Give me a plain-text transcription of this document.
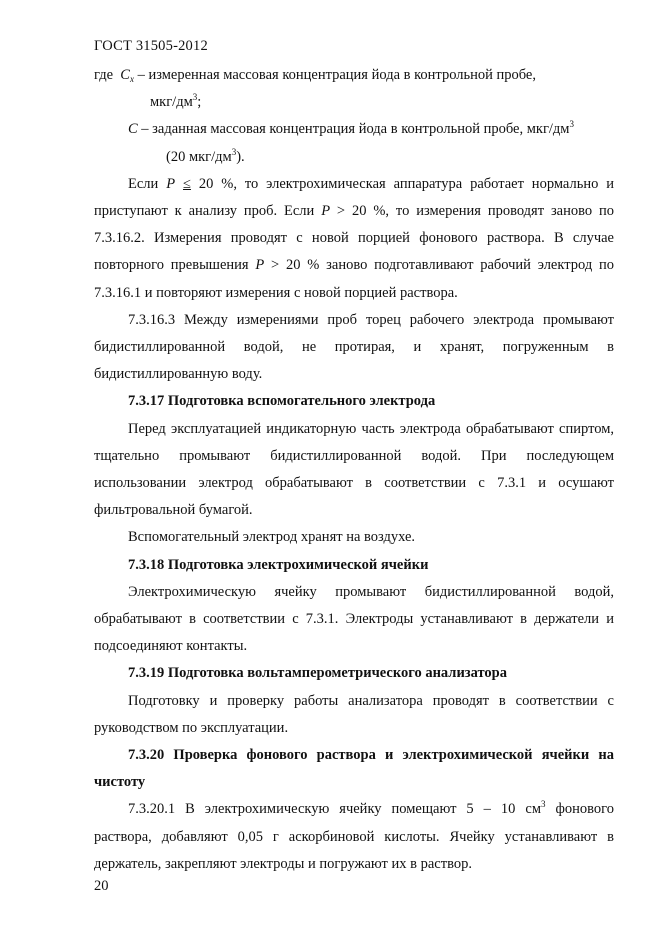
ГОСТ 31505-2012

где $C_x$ – измеренная массовая концентрация йода в контрольной пробе,

мкг/$дм^3$;

C – заданная массовая концентрация йода в контрольной пробе, мкг/$дм^3$

(20 мкг/$дм^3$).

Если P ≤ 20 %, то электрохимическая аппаратура работает нормально и приступают к анализу проб. Если P > 20 %, то измерения проводят заново по 7.3.16.2. Измерения проводят с новой порцией фонового раствора. В случае повторного превышения P > 20 % заново подготавливают рабочий электрод по 7.3.16.1 и повторяют измерения с новой порцией раствора.

7.3.16.3 Между измерениями проб торец рабочего электрода промывают бидистиллированной водой, не протирая, и хранят, погруженным в бидистиллированную воду.

7.3.17 Подготовка вспомогательного электрода

Перед эксплуатацией индикаторную часть электрода обрабатывают спиртом, тщательно промывают бидистиллированной водой. При последующем использовании электрод обрабатывают в соответствии с 7.3.1 и осушают фильтровальной бумагой.

Вспомогательный электрод хранят на воздухе.

7.3.18 Подготовка электрохимической ячейки

Электрохимическую ячейку промывают бидистиллированной водой, обрабатывают в соответствии с 7.3.1. Электроды устанавливают в держатели и подсоединяют контакты.

7.3.19 Подготовка вольтамперометрического анализатора

Подготовку и проверку работы анализатора проводят в соответствии с руководством по эксплуатации.

7.3.20 Проверка фонового раствора и электрохимической ячейки на чистоту

7.3.20.1 В электрохимическую ячейку помещают 5 – 10 $см^3$ фонового раствора, добавляют 0,05 г аскорбиновой кислоты. Ячейку устанавливают в держатель, закрепляют электроды и погружают их в раствор.

20
